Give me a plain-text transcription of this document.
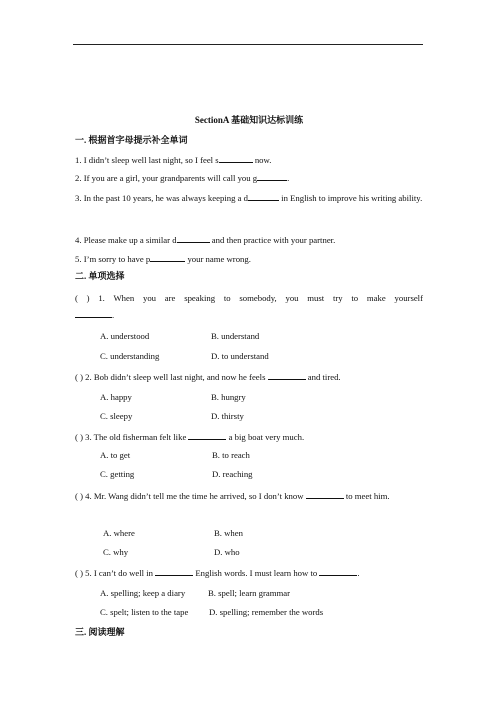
SectionA 基础知识达标训练
一. 根据首字母提示补全单词
1. I didn’t sleep well last night, so I feel s	now.
2. If you are a girl, your grandparents will call you g	.
3. In the past 10 years, he was always keeping a d	in English to improve his writing ability.
4. Please make up a similar d	and then practice with your partner.
5. I’m sorry to have p	your name wrong.
二. 单项选择
( ) 1. When you are speaking to somebody, you must try to make yourself .
A. understood	B. understand
C. understanding	D. to understand
( ) 2. Bob didn’t sleep well last night, and now he feels	and tired.
A. happy	B. hungry
C. sleepy	D. thirsty
( ) 3. The old fisherman felt like	a big boat very much.
A. to get	B. to reach
C. getting	D. reaching
( ) 4. Mr. Wang didn’t tell me the time he arrived, so I don’t know	to meet him.
A. where	B. when
C. why	D. who
( ) 5. I can’t do well in	English words. I must learn how to	.
A. spelling; keep a diary	B. spell; learn grammar
C. spelt; listen to the tape D. spelling; remember the words
三. 阅读理解
